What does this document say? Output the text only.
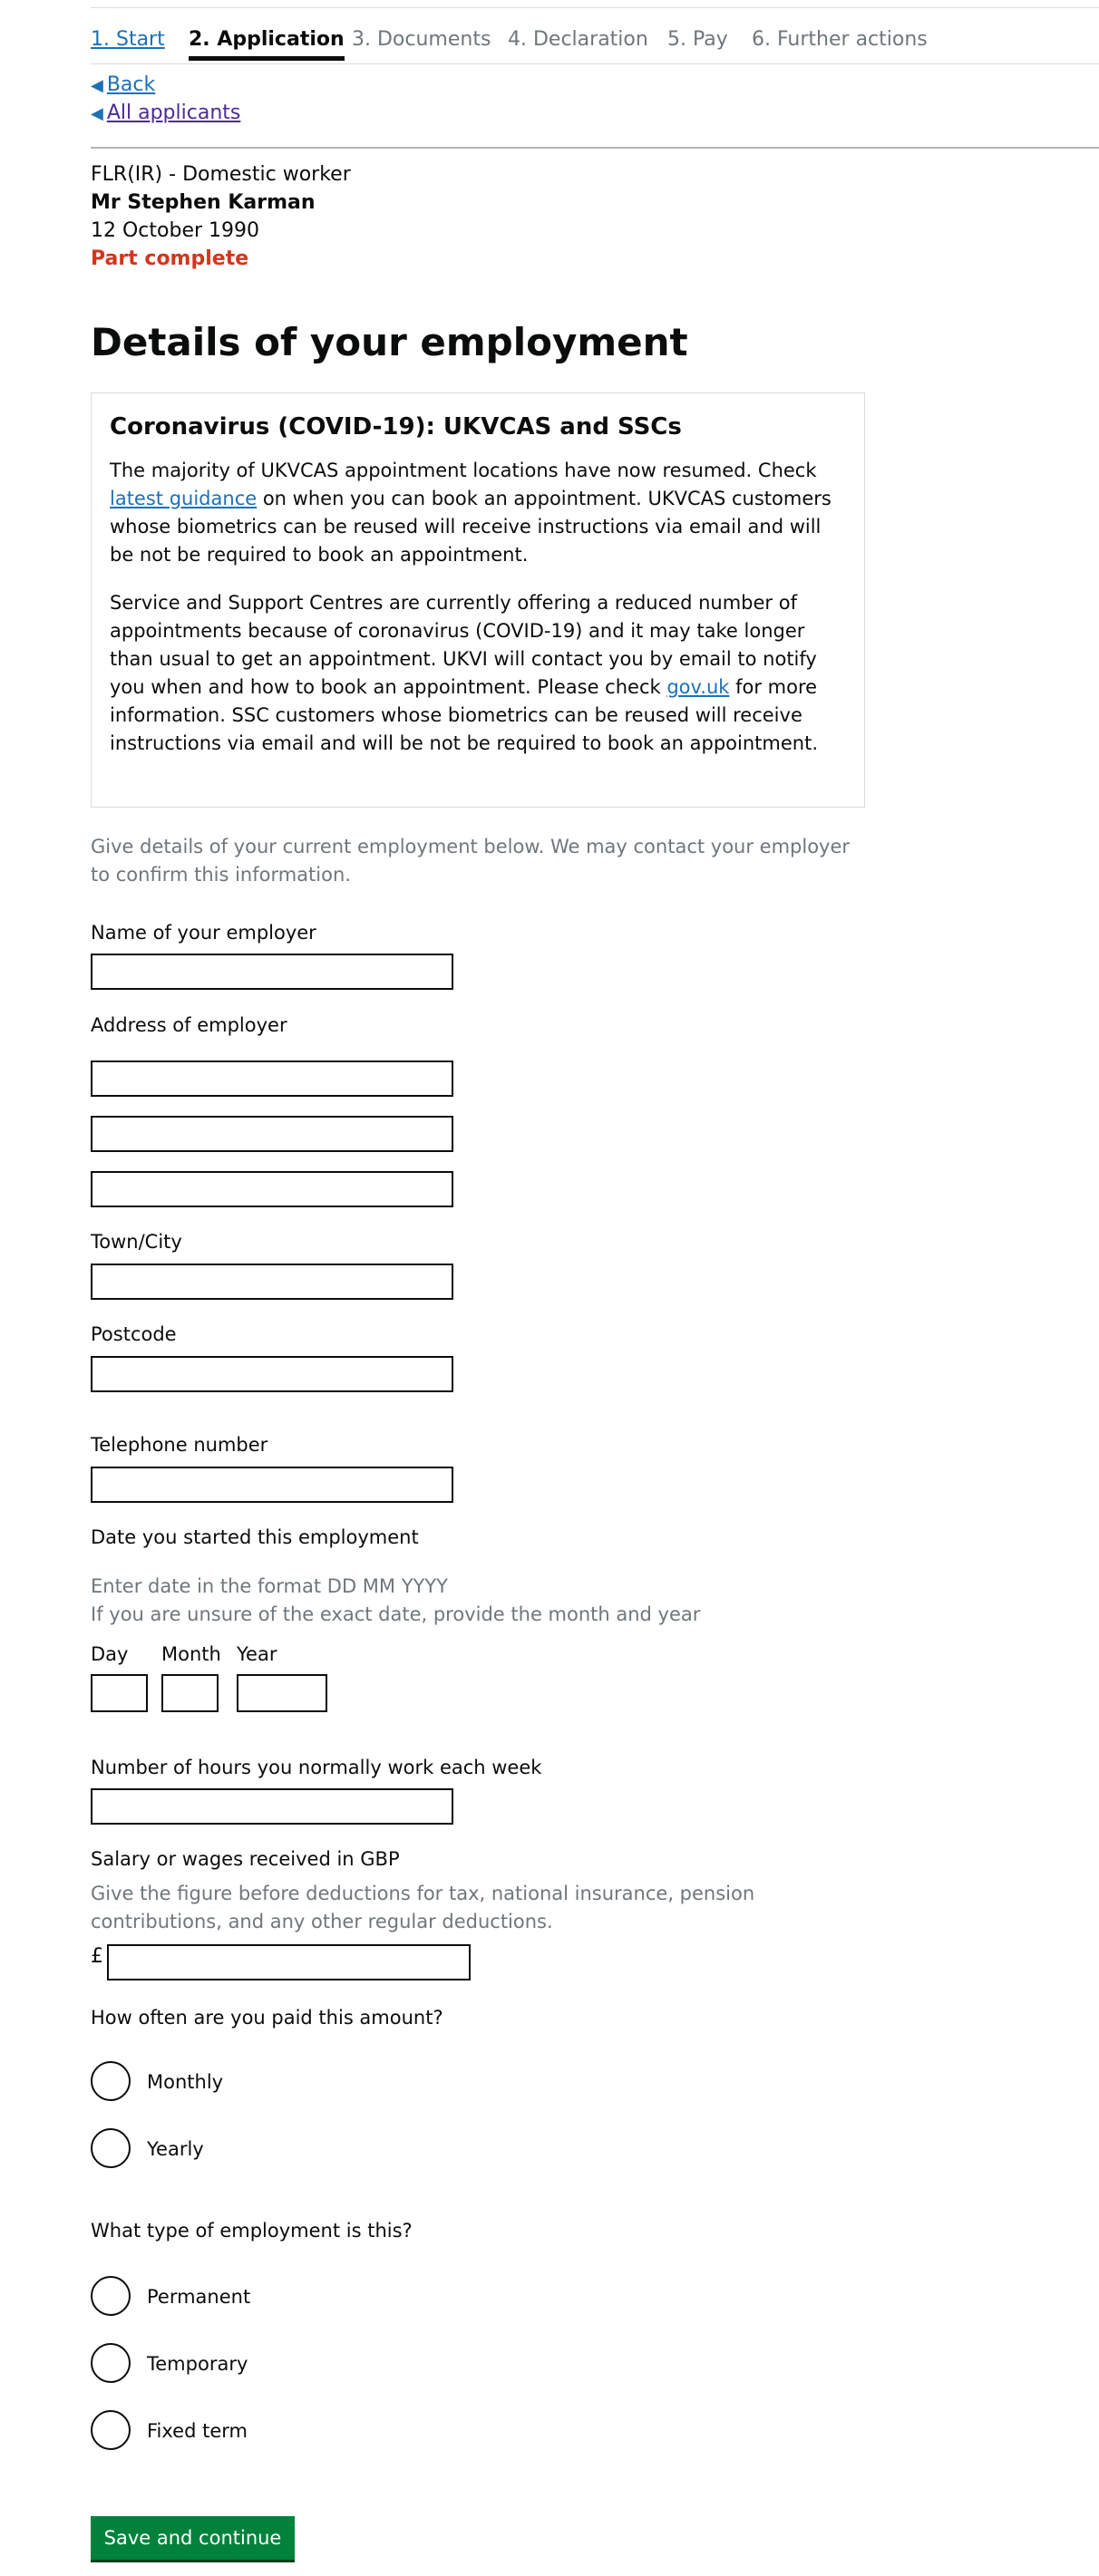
1. Start 2. Application 3. Documents 4. Declaration 5. Pay 6. Further actions
◀ Back
◀ All applicants
FLR(IR) - Domestic worker
Mr Stephen Karman
12 October 1990
Part complete
Details of your employment
Coronavirus (COVID-19): UKVCAS and SSCs

The majority of UKVCAS appointment locations have now resumed. Check latest guidance on when you can book an appointment. UKVCAS customers whose biometrics can be reused will receive instructions via email and will be not be required to book an appointment.

Service and Support Centres are currently offering a reduced number of appointments because of coronavirus (COVID-19) and it may take longer than usual to get an appointment. UKVI will contact you by email to notify you when and how to book an appointment. Please check gov.uk for more information. SSC customers whose biometrics can be reused will receive instructions via email and will be not be required to book an appointment.

Give details of your current employment below. We may contact your employer to confirm this information.
Name of your employer
Address of employer
Town/City
Postcode
Telephone number
Date you started this employment
Enter date in the format DD MM YYYY
If you are unsure of the exact date, provide the month and year
Day Month Year
Number of hours you normally work each week
Salary or wages received in GBP
Give the figure before deductions for tax, national insurance, pension contributions, and any other regular deductions.
£
How often are you paid this amount?
Monthly
Yearly
What type of employment is this?
Permanent
Temporary
Fixed term
Save and continue
